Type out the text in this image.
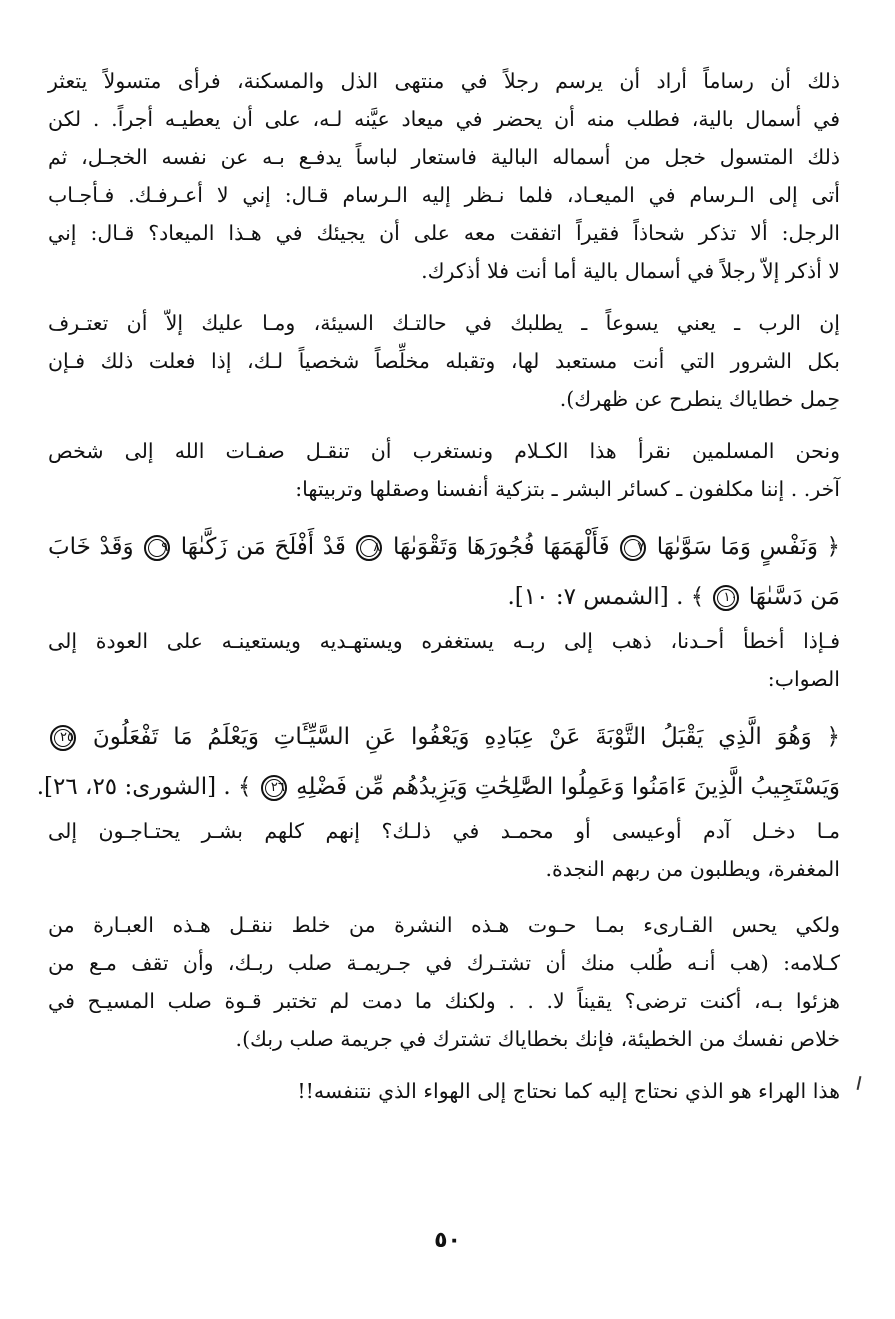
ذلك أن رساماً أراد أن يرسم رجلاً في منتهى الذل والمسكنة، فرأى متسولاً يتعثر
في أسمال بالية، فطلب منه أن يحضر في ميعاد عيَّنه لـه، على أن يعطيـه أجراً. . لكن
ذلك المتسول خجل من أسماله البالية فاستعار لباساً يدفـع بـه عن نفسه الخجـل، ثم
أتى إلى الـرسام في الميعـاد، فلما نـظر إليه الـرسام قـال: إني لا أعـرفـك. فـأجـاب
الرجل: ألا تذكر شحاذاً فقيراً اتفقت معه على أن يجيئك في هـذا الميعاد؟ قـال: إني
لا أذكر إلاّ رجلاً في أسمال بالية أما أنت فلا أذكرك.

إن الرب ـ يعني يسوعاً ـ يطلبك في حالتـك السيئة، ومـا عليك إلاّ أن تعتـرف
بكل الشرور التي أنت مستعبد لها، وتقبله مخلِّصاً شخصياً لـك، إذا فعلت ذلك فـإن
حِمل خطاياك ينطرح عن ظهرك).

ونحن المسلمين نقرأ هذا الكـلام ونستغرب أن تنقـل صفـات الله إلى شخص
آخر. . إننا مكلفون ـ كسائر البشر ـ بتزكية أنفسنا وصقلها وتربيتها:

﴿ وَنَفْسٍ وَمَا سَوَّىٰهَا ٧ فَأَلْهَمَهَا فُجُورَهَا وَتَقْوَىٰهَا ٨ قَدْ أَفْلَحَ مَن زَكَّىٰهَا ٩ وَقَدْ خَابَ
مَن دَسَّىٰهَا ١٠ ﴾ . [الشمس ٧: ١٠].

فـإذا أخطأ أحـدنا، ذهب إلى ربـه يستغفره ويستهـديه ويستعينـه على العودة إلى
الصواب:

﴿ وَهُوَ الَّذِي يَقْبَلُ التَّوْبَةَ عَنْ عِبَادِهِ وَيَعْفُوا عَنِ السَّيِّـَٔاتِ وَيَعْلَمُ مَا تَفْعَلُونَ ٢٥
وَيَسْتَجِيبُ الَّذِينَ ءَامَنُوا وَعَمِلُوا الصَّٰلِحَٰتِ وَيَزِيدُهُم مِّن فَضْلِهِ ٢٦ ﴾ . [الشورى: ٢٥، ٢٦].

مـا دخـل آدم أوعيسى أو محمـد في ذلـك؟ إنهم كلهم بشـر يحتـاجـون إلى
المغفرة، ويطلبون من ربهم النجدة.

ولكي يحس القـارىء بمـا حـوت هـذه النشرة من خلط ننقـل هـذه العبـارة من
كـلامه: (هب أنـه طُلب منك أن تشتـرك في جـريمـة صلب ربـك، وأن تقف مـع من
هزئوا بـه، أكنت ترضى؟ يقيناً لا. . . ولكنك ما دمت لم تختبر قـوة صلب المسيـح في
خلاص نفسك من الخطيئة، فإنك بخطاياك تشترك في جريمة صلب ربك).

هذا الهراء هو الذي نحتاج إليه كما نحتاج إلى الهواء الذي نتنفسه!!

٥٠
